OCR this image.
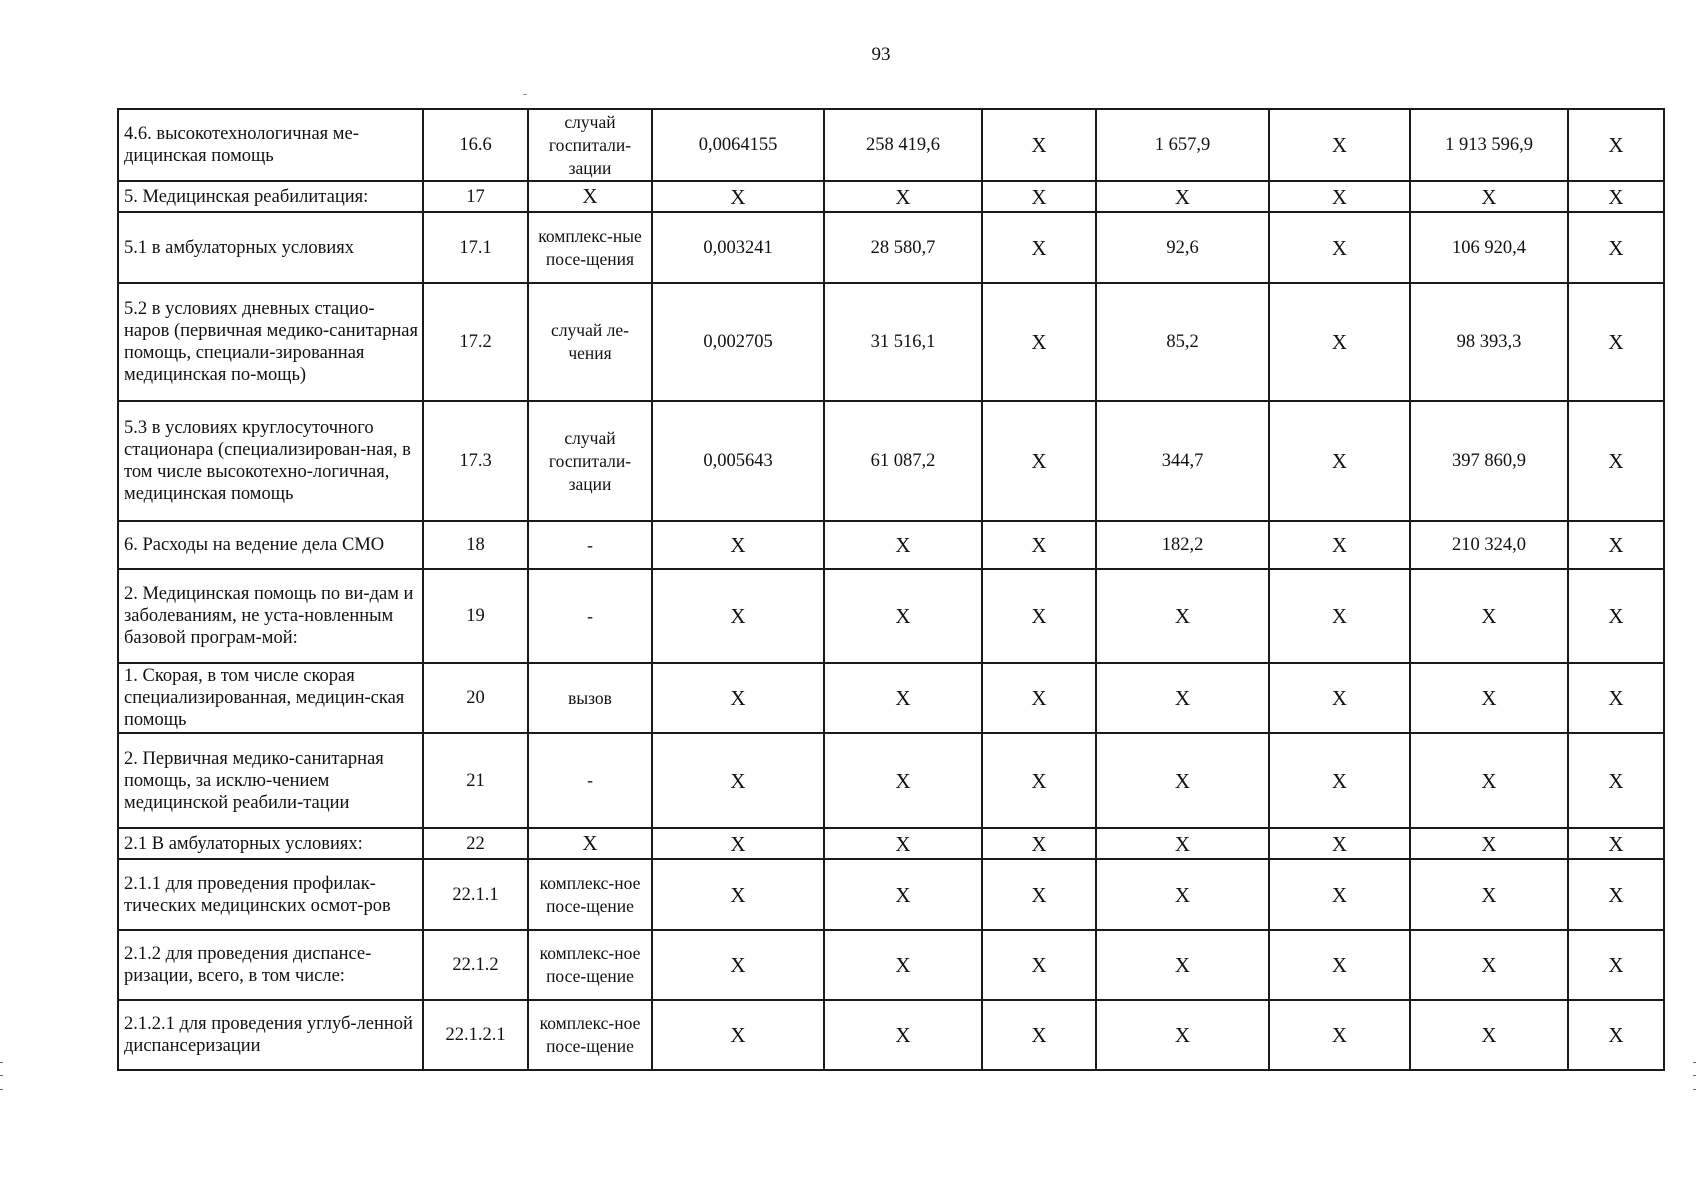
93
4.6. высокотехнологичная ме-дицинская помощь	16.6	случай госпитали-зации	0,0064155	258 419,6	Х	1 657,9	Х	1 913 596,9	Х
5. Медицинская реабилитация:	17	Х	Х	Х	Х	Х	Х	Х	Х
5.1 в амбулаторных условиях	17.1	комплекс-ные посе-щения	0,003241	28 580,7	Х	92,6	Х	106 920,4	Х
5.2 в условиях дневных стацио-наров (первичная медико-санитарная помощь, специали-зированная медицинская по-мощь)	17.2	случай ле-чения	0,002705	31 516,1	Х	85,2	Х	98 393,3	Х
5.3 в условиях круглосуточного стационара (специализирован-ная, в том числе высокотехно-логичная, медицинская помощь	17.3	случай госпитали-зации	0,005643	61 087,2	Х	344,7	Х	397 860,9	Х
6. Расходы на ведение дела СМО	18	-	Х	Х	Х	182,2	Х	210 324,0	Х
2. Медицинская помощь по ви-дам и заболеваниям, не уста-новленным базовой програм-мой:	19	-	Х	Х	Х	Х	Х	Х	Х
1. Скорая, в том числе скорая специализированная, медицин-ская помощь	20	вызов	Х	Х	Х	Х	Х	Х	Х
2. Первичная медико-санитарная помощь, за исклю-чением медицинской реабили-тации	21	-	Х	Х	Х	Х	Х	Х	Х
2.1 В амбулаторных условиях:	22	Х	Х	Х	Х	Х	Х	Х	Х
2.1.1 для проведения профилак-тических медицинских осмот-ров	22.1.1	комплекс-ное посе-щение	Х	Х	Х	Х	Х	Х	Х
2.1.2 для проведения диспансе-ризации, всего, в том числе:	22.1.2	комплекс-ное посе-щение	Х	Х	Х	Х	Х	Х	Х
2.1.2.1 для проведения углуб-ленной диспансеризации	22.1.2.1	комплекс-ное посе-щение	Х	Х	Х	Х	Х	Х	Х
